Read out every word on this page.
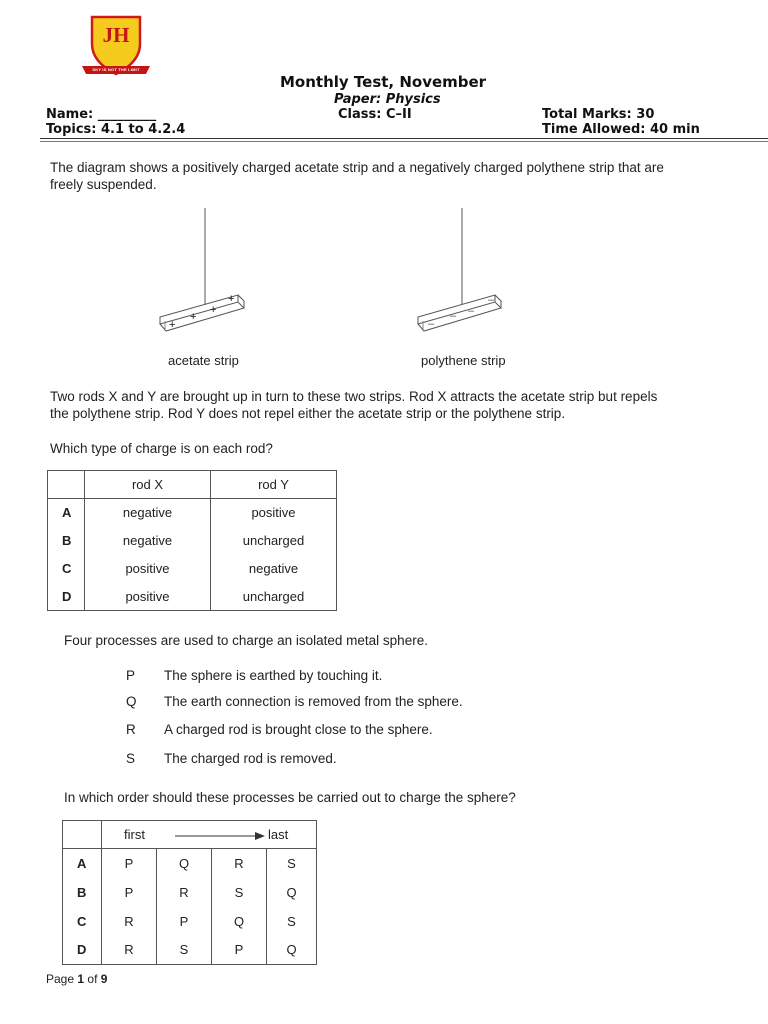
JH
SKY IS NOT THE LIMIT
Monthly Test, November
Paper: Physics
Name: _________	Class: C–II	Total Marks: 30
Topics: 4.1 to 4.2.4	Time Allowed: 40 min
The diagram shows a positively charged acetate strip and a negatively charged polythene strip that are freely suspended.
+
+
+
+
–
– –
–
acetate strip	polythene strip
Two rods X and Y are brought up in turn to these two strips. Rod X attracts the acetate strip but repels the polythene strip. Rod Y does not repel either the acetate strip or the polythene strip.
Which type of charge is on each rod?
	rod X	rod Y
A	negative	positive
B	negative	uncharged
C	positive	negative
D	positive	uncharged
Four processes are used to charge an isolated metal sphere.
P The sphere is earthed by touching it.
Q The earth connection is removed from the sphere.
R A charged rod is brought close to the sphere.
S The charged rod is removed.
In which order should these processes be carried out to charge the sphere?

	first last			

A	P	Q	R	S
B	P	R	S	Q
C	R	P	Q	S
D	R	S	P	Q
Page 1 of 9
